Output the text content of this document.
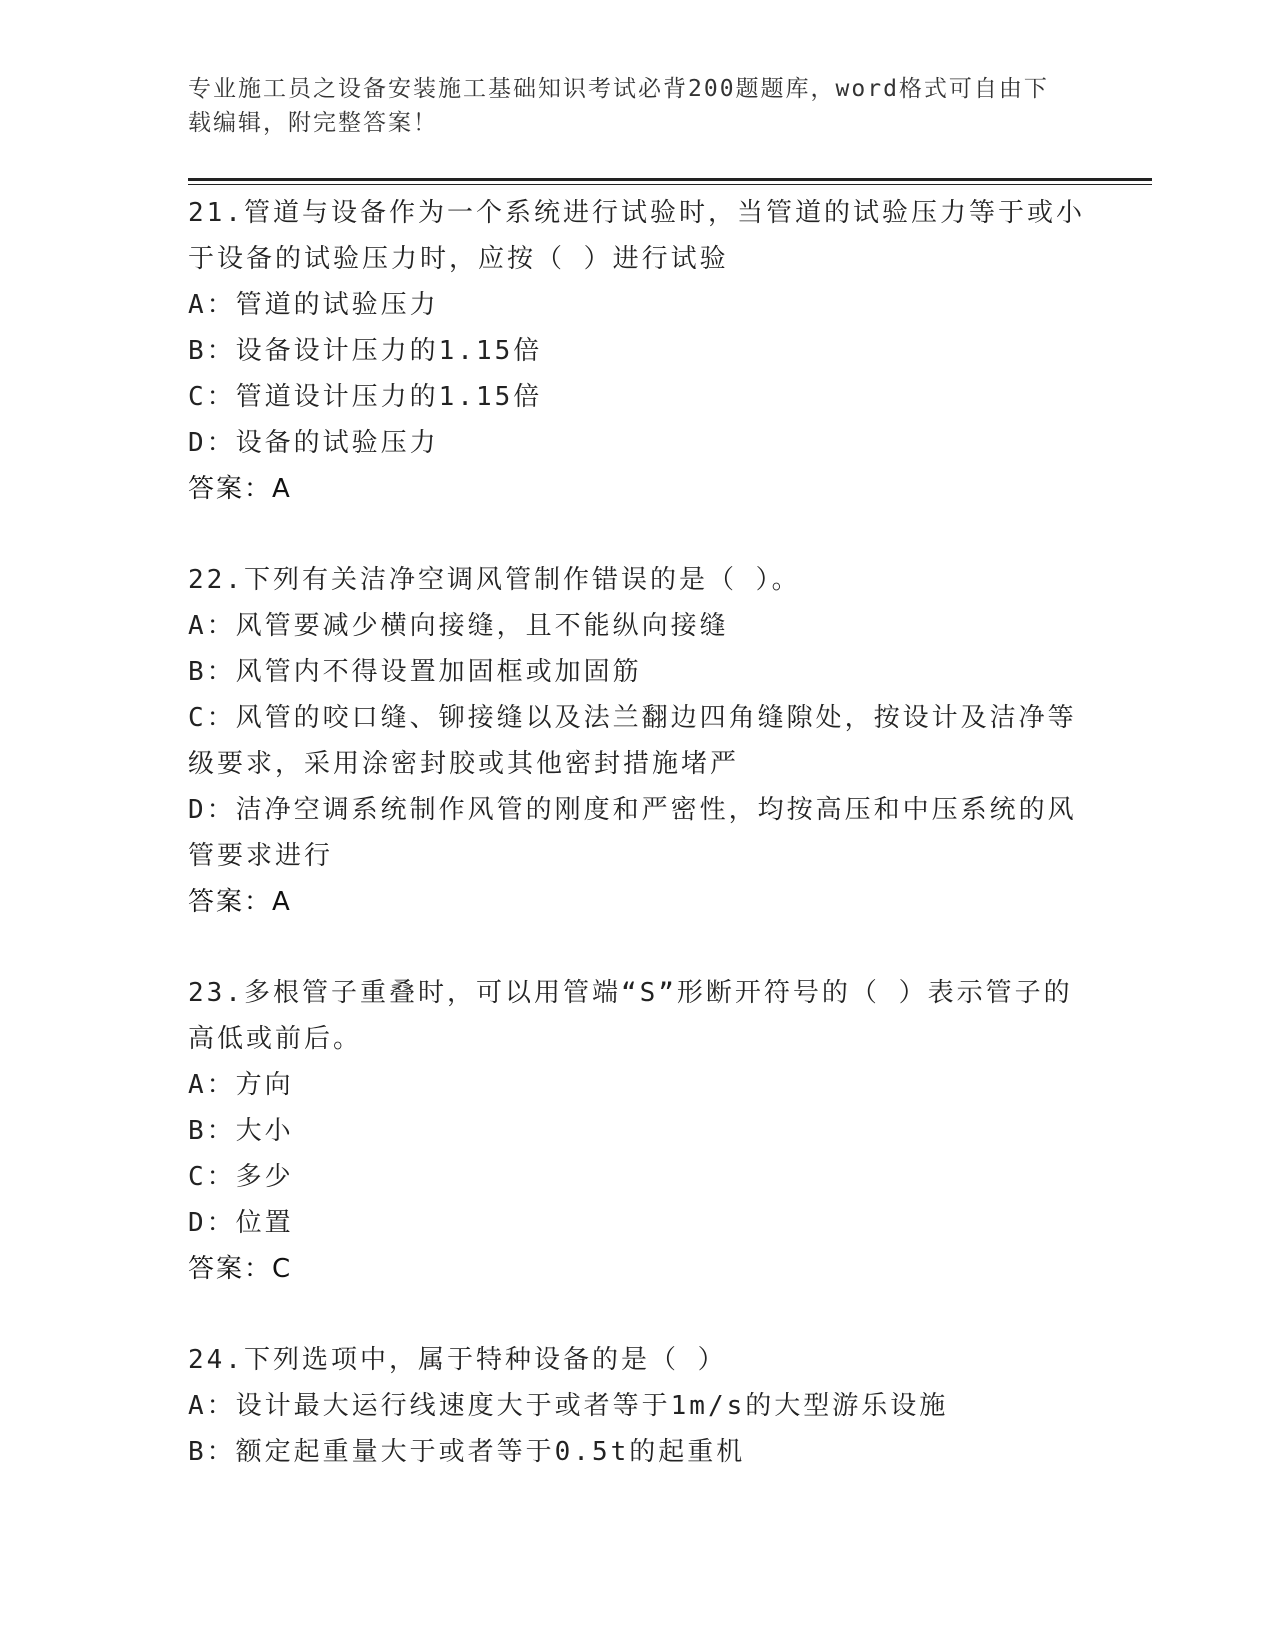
专业施工员之设备安装施工基础知识考试必背200题题库，word格式可自由下载编辑，附完整答案！
21.管道与设备作为一个系统进行试验时，当管道的试验压力等于或小
于设备的试验压力时，应按（ ）进行试验
A：管道的试验压力
B：设备设计压力的1.15倍
C：管道设计压力的1.15倍
D：设备的试验压力
答案：A
22.下列有关洁净空调风管制作错误的是（ ）。
A：风管要减少横向接缝，且不能纵向接缝
B：风管内不得设置加固框或加固筋
C：风管的咬口缝、铆接缝以及法兰翻边四角缝隙处，按设计及洁净等
级要求，采用涂密封胶或其他密封措施堵严
D：洁净空调系统制作风管的刚度和严密性，均按高压和中压系统的风
管要求进行
答案：A
23.多根管子重叠时，可以用管端“S”形断开符号的（ ）表示管子的
高低或前后。
A：方向
B：大小
C：多少
D：位置
答案：C
24.下列选项中，属于特种设备的是（ ）
A：设计最大运行线速度大于或者等于1m/s的大型游乐设施
B：额定起重量大于或者等于0.5t的起重机
